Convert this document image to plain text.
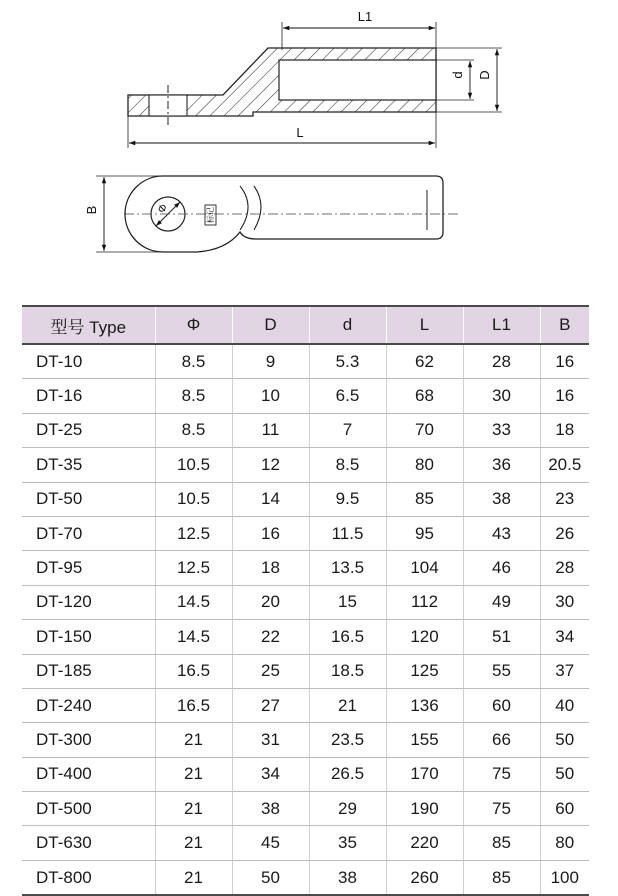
L1
L
d D
Φ	标记
B
型号 Type	Φ	D	d	L	L1	B
DT-10	8.5	9	5.3	62	28	16
DT-16	8.5	10	6.5	68	30	16
DT-25	8.5	11	7	70	33	18
DT-35	10.5	12	8.5	80	36	20.5
DT-50	10.5	14	9.5	85	38	23
DT-70	12.5	16	11.5	95	43	26
DT-95	12.5	18	13.5	104	46	28
DT-120	14.5	20	15	112	49	30
DT-150	14.5	22	16.5	120	51	34
DT-185	16.5	25	18.5	125	55	37
DT-240	16.5	27	21	136	60	40
DT-300	21	31	23.5	155	66	50
DT-400	21	34	26.5	170	75	50
DT-500	21	38	29	190	75	60
DT-630	21	45	35	220	85	80
DT-800	21	50	38	260	85	100
